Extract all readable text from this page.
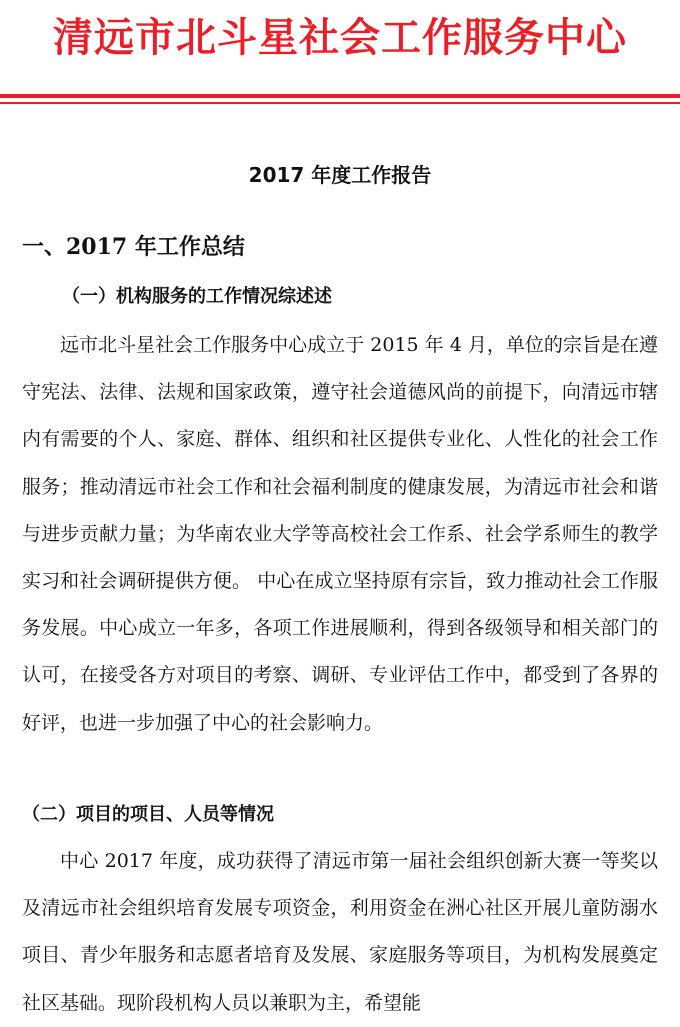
清远市北斗星社会工作服务中心
2017 年度工作报告
一、2017 年工作总结
（一）机构服务的工作情况综述述

远市北斗星社会工作服务中心成立于 2015 年 4 月，单位的宗旨是在遵守宪法、法律、法规和国家政策，遵守社会道德风尚的前提下，向清远市辖内有需要的个人、家庭、群体、组织和社区提供专业化、人性化的社会工作服务；推动清远市社会工作和社会福利制度的健康发展，为清远市社会和谐与进步贡献力量；为华南农业大学等高校社会工作系、社会学系师生的教学实习和社会调研提供方便。 中心在成立坚持原有宗旨，致力推动社会工作服务发展。中心成立一年多，各项工作进展顺利，得到各级领导和相关部门的认可，在接受各方对项目的考察、调研、专业评估工作中，都受到了各界的好评，也进一步加强了中心的社会影响力。

（二）项目的项目、人员等情况

中心 2017 年度，成功获得了清远市第一届社会组织创新大赛一等奖以及清远市社会组织培育发展专项资金，利用资金在洲心社区开展儿童防溺水项目、青少年服务和志愿者培育及发展、家庭服务等项目，为机构发展奠定社区基础。现阶段机构人员以兼职为主，希望能
